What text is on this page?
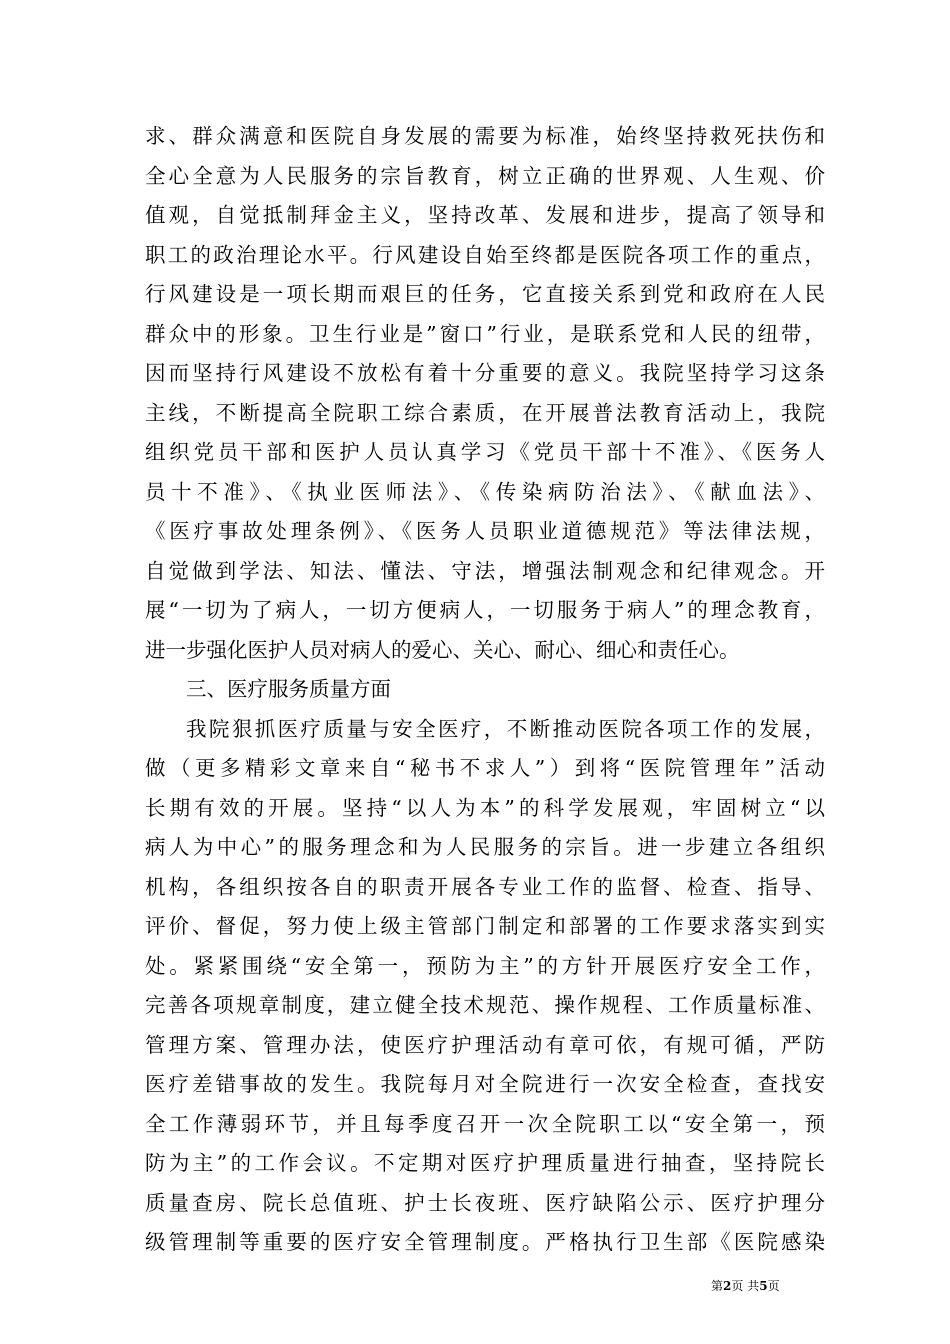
求、群众满意和医院自身发展的需要为标准，始终坚持救死扶伤和
全心全意为人民服务的宗旨教育，树立正确的世界观、人生观、价
值观，自觉抵制拜金主义，坚持改革、发展和进步，提高了领导和
职工的政治理论水平。行风建设自始至终都是医院各项工作的重点，
行风建设是一项长期而艰巨的任务，它直接关系到党和政府在人民
群众中的形象。卫生行业是”窗口”行业，是联系党和人民的纽带，
因而坚持行风建设不放松有着十分重要的意义。我院坚持学习这条
主线，不断提高全院职工综合素质，在开展普法教育活动上，我院
组织党员干部和医护人员认真学习《党员干部十不准》、《医务人
员十不准》、《执业医师法》、《传染病防治法》、《献血法》、
《医疗事故处理条例》、《医务人员职业道德规范》等法律法规，
自觉做到学法、知法、懂法、守法，增强法制观念和纪律观念。开
展“一切为了病人，一切方便病人，一切服务于病人”的理念教育，
进一步强化医护人员对病人的爱心、关心、耐心、细心和责任心。
三、医疗服务质量方面
我院狠抓医疗质量与安全医疗，不断推动医院各项工作的发展，
做（更多精彩文章来自“秘书不求人”）到将“医院管理年”活动
长期有效的开展。坚持“以人为本”的科学发展观，牢固树立“以
病人为中心”的服务理念和为人民服务的宗旨。进一步建立各组织
机构，各组织按各自的职责开展各专业工作的监督、检查、指导、
评价、督促，努力使上级主管部门制定和部署的工作要求落实到实
处。紧紧围绕“安全第一，预防为主”的方针开展医疗安全工作，
完善各项规章制度，建立健全技术规范、操作规程、工作质量标准、
管理方案、管理办法，使医疗护理活动有章可依，有规可循，严防
医疗差错事故的发生。我院每月对全院进行一次安全检查，查找安
全工作薄弱环节，并且每季度召开一次全院职工以“安全第一，预
防为主”的工作会议。不定期对医疗护理质量进行抽查，坚持院长
质量查房、院长总值班、护士长夜班、医疗缺陷公示、医疗护理分
级管理制等重要的医疗安全管理制度。严格执行卫生部《医院感染
第2页 共5页
